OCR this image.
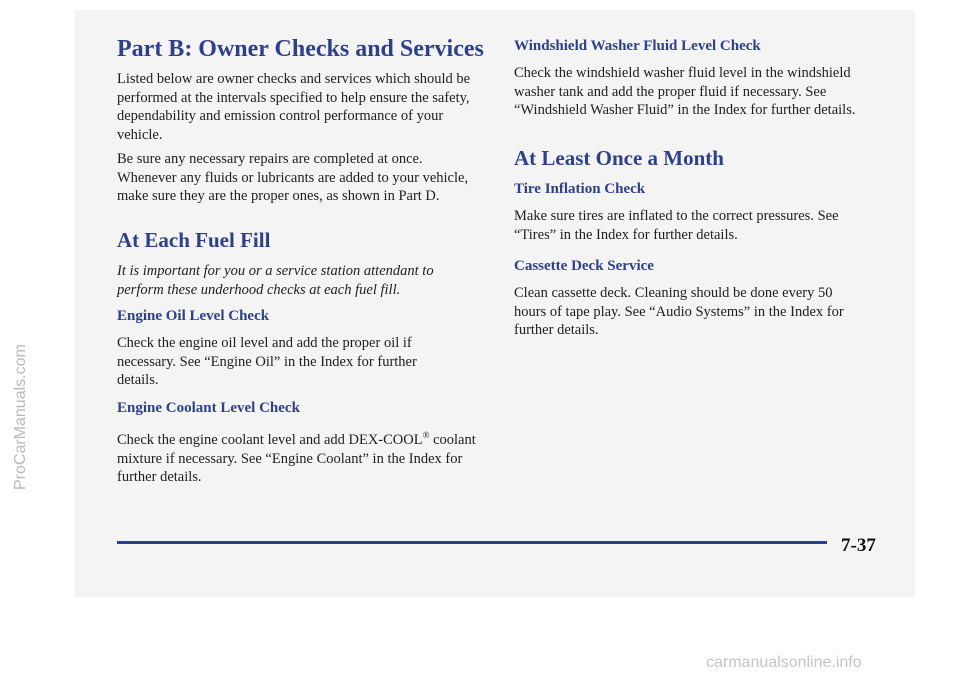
Part B: Owner Checks and Services

Listed below are owner checks and services which should be performed at the intervals specified to help ensure the safety, dependability and emission control performance of your vehicle.

Be sure any necessary repairs are completed at once. Whenever any fluids or lubricants are added to your vehicle, make sure they are the proper ones, as shown in Part D.

At Each Fuel Fill

It is important for you or a service station attendant to perform these underhood checks at each fuel fill.

Engine Oil Level Check

Check the engine oil level and add the proper oil if necessary. See “Engine Oil” in the Index for further details.

Engine Coolant Level Check

Check the engine coolant level and add DEX-COOL® coolant mixture if necessary. See “Engine Coolant” in the Index for further details.

Windshield Washer Fluid Level Check

Check the windshield washer fluid level in the windshield washer tank and add the proper fluid if necessary. See “Windshield Washer Fluid” in the Index for further details.

At Least Once a Month
Tire Inflation Check

Make sure tires are inflated to the correct pressures. See “Tires” in the Index for further details.

Cassette Deck Service

Clean cassette deck. Cleaning should be done every 50 hours of tape play. See “Audio Systems” in the Index for further details.

7-37
ProCarManuals.com
carmanualsonline.info
